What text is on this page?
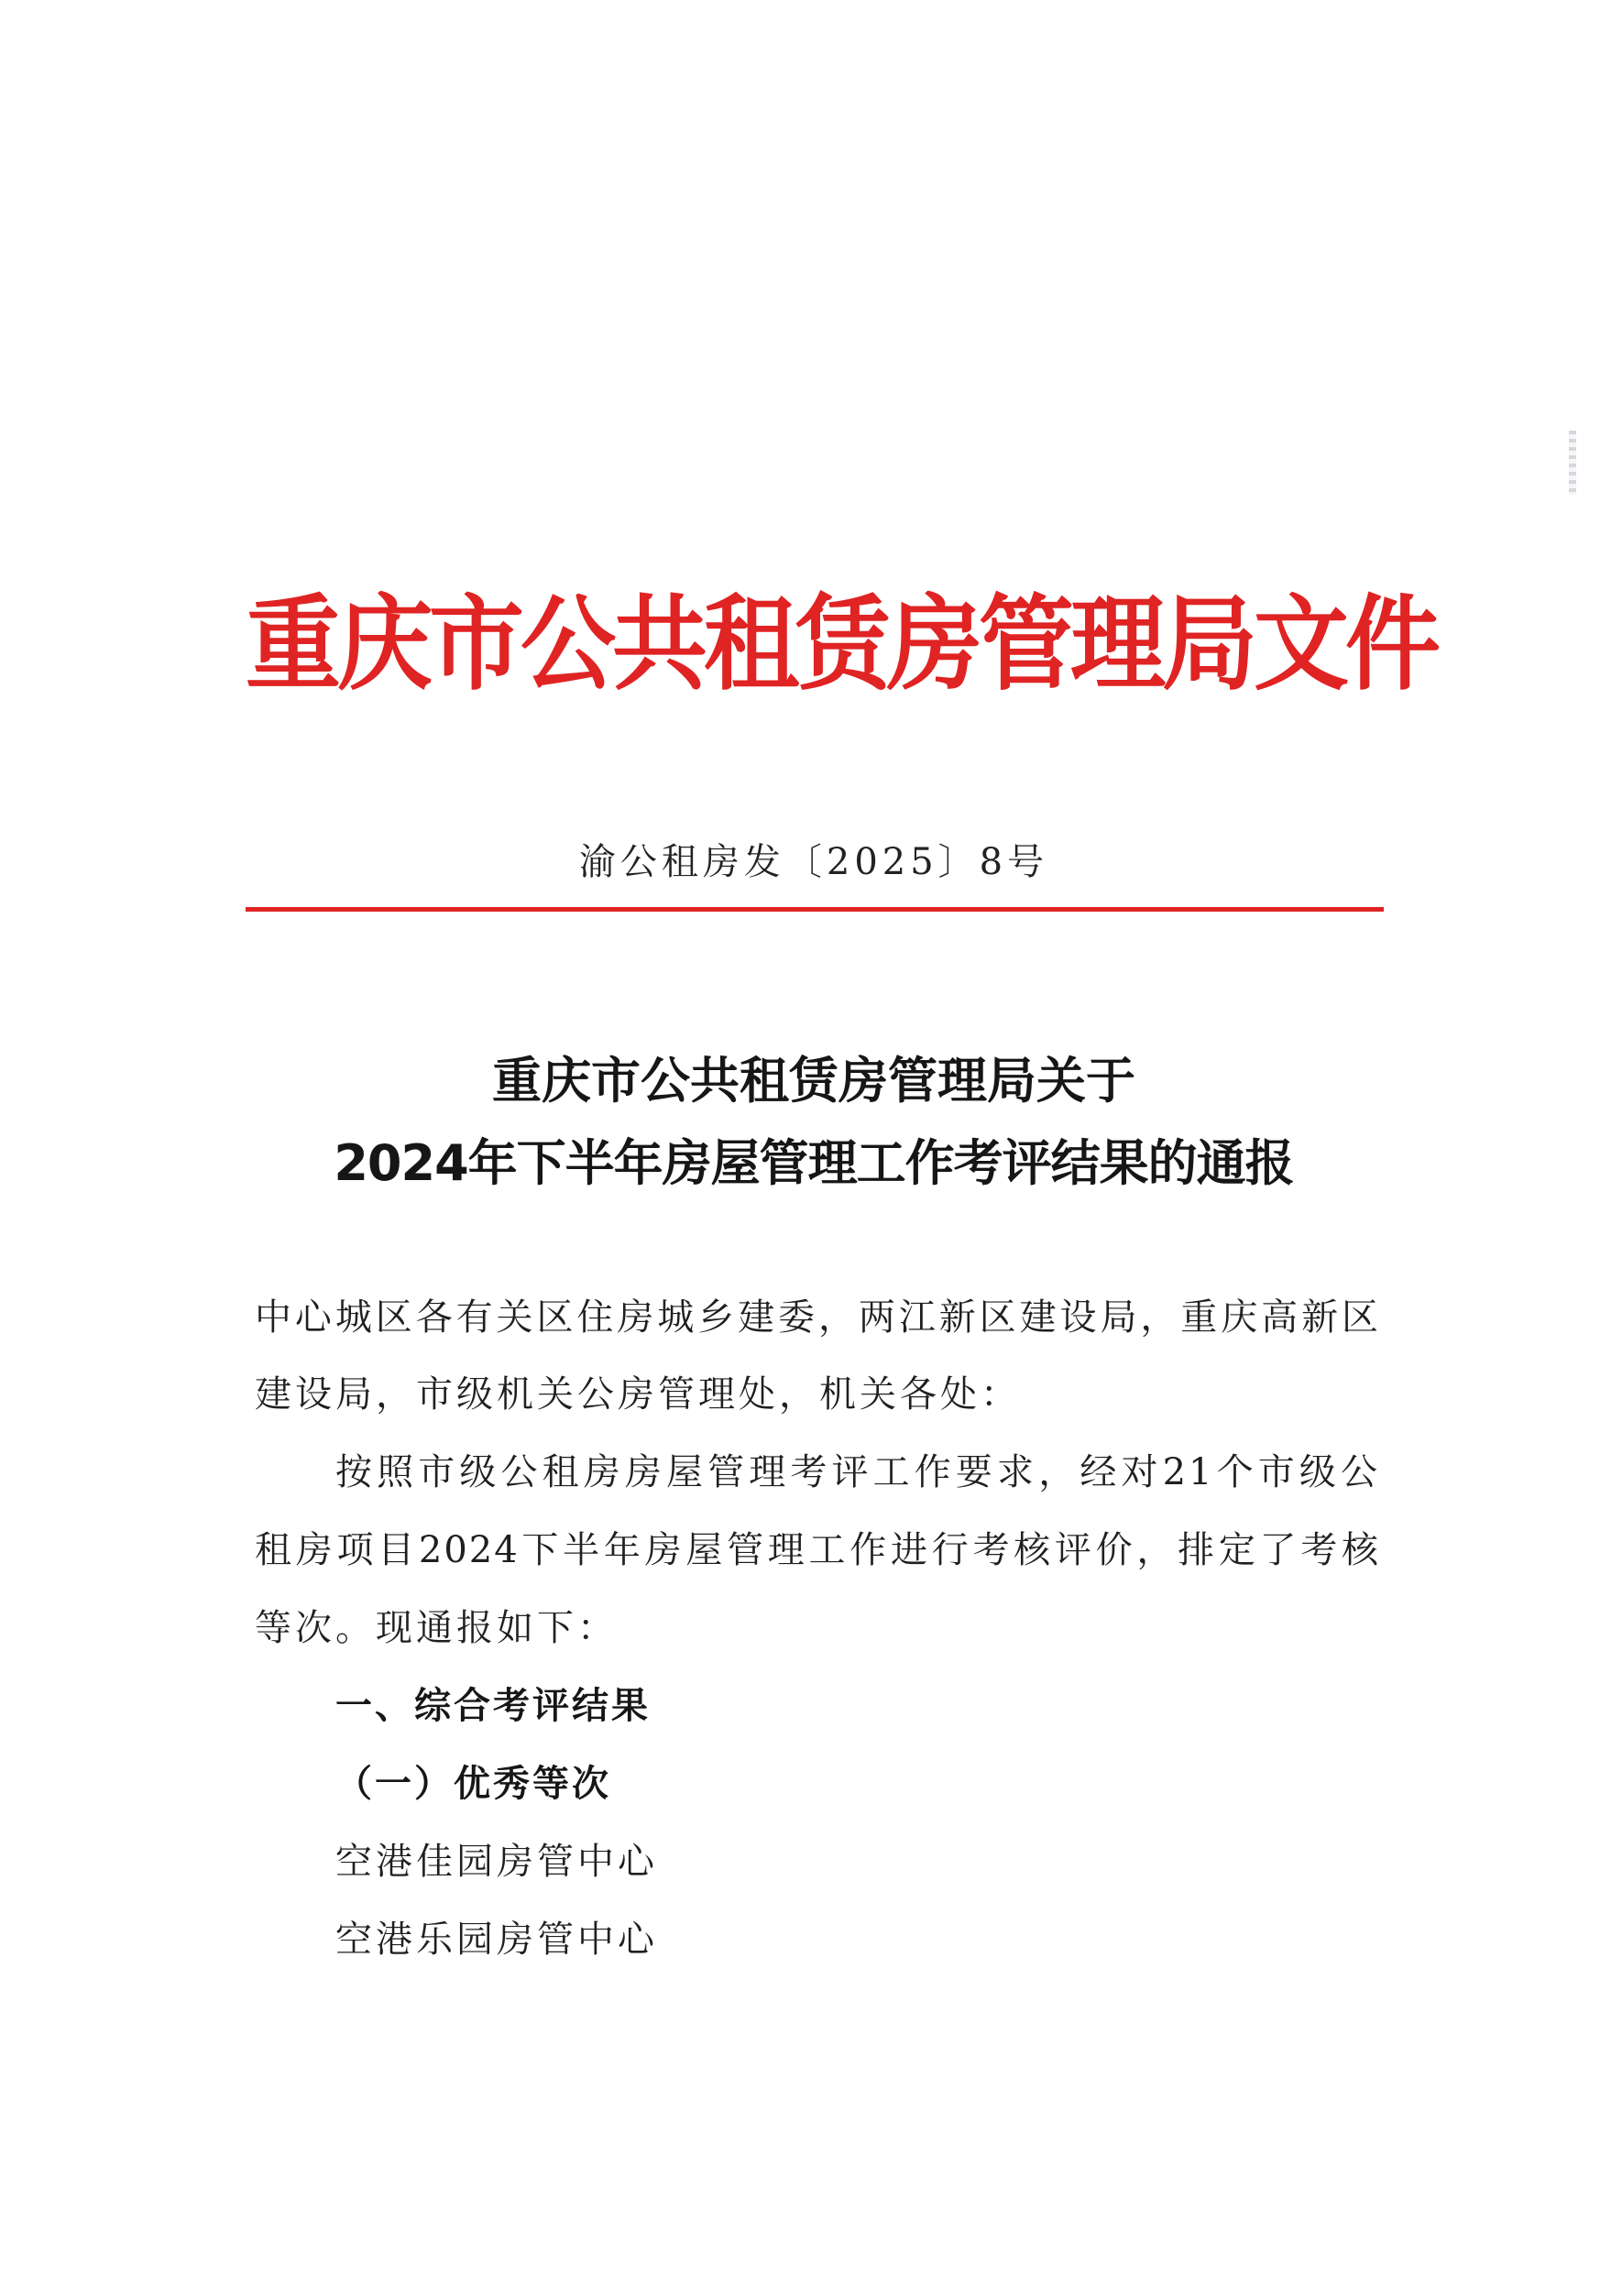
重庆市公共租赁房管理局文件
渝公租房发〔2025〕8号
重庆市公共租赁房管理局关于
2024年下半年房屋管理工作考评结果的通报
中心城区各有关区住房城乡建委，两江新区建设局，重庆高新区
建设局，市级机关公房管理处，机关各处：
按照市级公租房房屋管理考评工作要求，经对21个市级公
租房项目2024下半年房屋管理工作进行考核评价，排定了考核
等次。现通报如下：
一、综合考评结果
（一）优秀等次
空港佳园房管中心
空港乐园房管中心
